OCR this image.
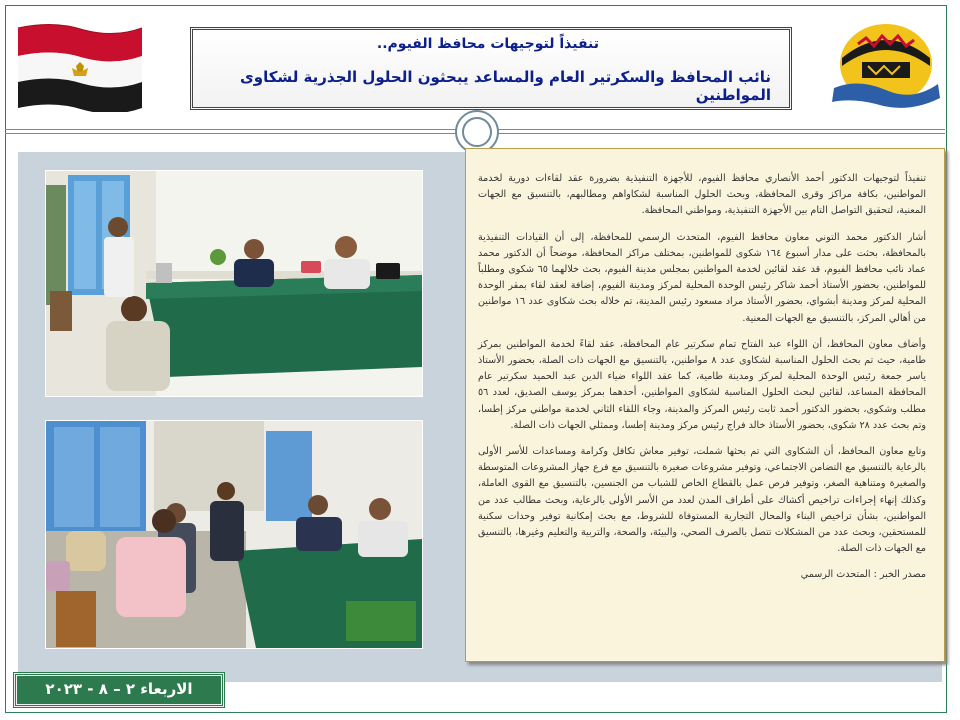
تنفيذاً لتوجيهات محافظ الفيوم..
نائب المحافظ والسكرتير العام والمساعد يبحثون الحلول الجذرية لشكاوى المواطنين

تنفيذاً لتوجيهات الدكتور أحمد الأنصاري محافظ الفيوم، للأجهزة التنفيذية بضرورة عقد لقاءات دورية لخدمة المواطنين، بكافة مراكز وقرى المحافظة، وبحث الحلول المناسبة لشكاواهم ومطالبهم، بالتنسيق مع الجهات المعنية، لتحقيق التواصل التام بين الأجهزة التنفيذية، ومواطني المحافظة.

أشار الدكتور محمد التوني معاون محافظ الفيوم، المتحدث الرسمي للمحافظة، إلى أن القيادات التنفيذية بالمحافظة، بحثت على مدار أسبوع ١٦٤ شكوى للمواطنين، بمختلف مراكز المحافظة، موضحاً أن الدكتور محمد عماد نائب محافظ الفيوم، قد عقد لقائين لخدمة المواطنين بمجلس مدينة الفيوم، بحث خلالهما ٦٥ شكوى ومطلباً للمواطنين، بحضور الأستاذ أحمد شاكر رئيس الوحدة المحلية لمركز ومدينة الفيوم، إضافة لعقد لقاء بمقر الوحدة المحلية لمركز ومدينة أبشواي، بحضور الأستاذ مراد مسعود رئيس المدينة، تم خلاله بحث شكاوى عدد ١٦ مواطنين من أهالي المركز، بالتنسيق مع الجهات المعنية.

وأضاف معاون المحافظ، أن اللواء عبد الفتاح تمام سكرتير عام المحافظة، عقد لقاءً لخدمة المواطنين بمركز طامية، حيث تم بحث الحلول المناسبة لشكاوى عدد ٨ مواطنين، بالتنسيق مع الجهات ذات الصلة، بحضور الأستاذ ياسر جمعة رئيس الوحدة المحلية لمركز ومدينة طامية، كما عقد اللواء ضياء الدين عبد الحميد سكرتير عام المحافظة المساعد، لقائين لبحث الحلول المناسبة لشكاوى المواطنين، أحدهما بمركز يوسف الصديق، لعدد ٥٦ مطلب وشكوى، بحضور الدكتور أحمد ثابت رئيس المركز والمدينة، وجاء اللقاء الثاني لخدمة مواطني مركز إطسا، وتم بحث عدد ٢٨ شكوى، بحضور الأستاذ خالد فراج رئيس مركز ومدينة إطسا، وممثلي الجهات ذات الصلة.

وتابع معاون المحافظ، أن الشكاوى التي تم بحثها شملت، توفير معاش تكافل وكرامة ومساعدات للأسر الأولى بالرعاية بالتنسيق مع التضامن الاجتماعي، وتوفير مشروعات صغيرة بالتنسيق مع فرع جهاز المشروعات المتوسطة والصغيرة ومتناهية الصغر، وتوفير فرص عمل بالقطاع الخاص للشباب من الجنسين، بالتنسيق مع القوى العاملة، وكذلك إنهاء إجراءات تراخيص أكشاك على أطراف المدن لعدد من الأسر الأولى بالرعاية، وبحث مطالب عدد من المواطنين، بشأن تراخيص البناء والمحال التجارية المستوفاة للشروط، مع بحث إمكانية توفير وحدات سكنية للمستحقين، وبحث عدد من المشكلات تتصل بالصرف الصحي، والبيئة، والصحة، والتربية والتعليم وغيرها، بالتنسيق مع الجهات ذات الصلة.

مصدر الخبر : المتحدث الرسمي
الاربعاء ٢ – ٨ - ٢٠٢٣
